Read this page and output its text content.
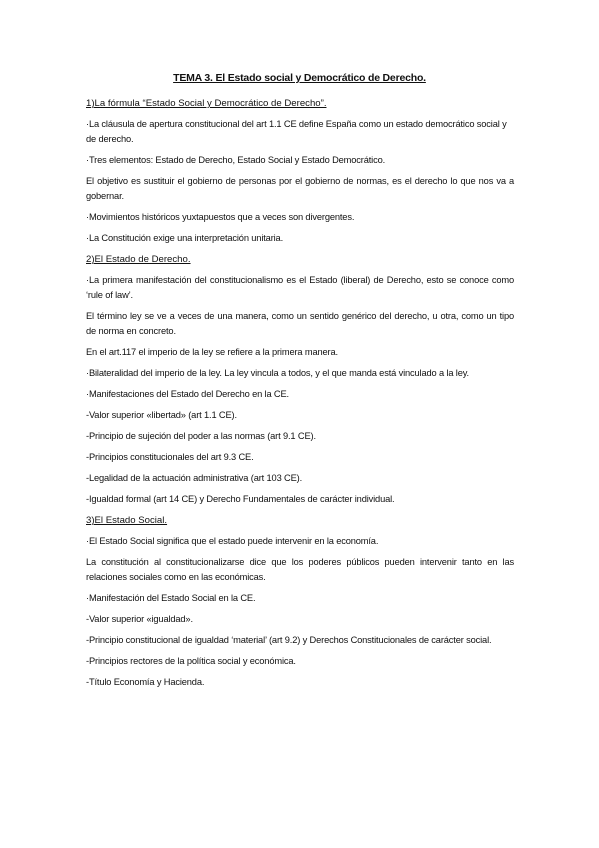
TEMA 3. El Estado social y Democrático de Derecho.
1)La fórmula “Estado Social y Democrático de Derecho”.
·La cláusula de apertura constitucional del art 1.1 CE define España como un estado democrático social y de derecho.
·Tres elementos: Estado de Derecho, Estado Social y Estado Democrático.
El objetivo es sustituir el gobierno de personas por el gobierno de normas, es el derecho lo que nos va a gobernar.
·Movimientos históricos yuxtapuestos que a veces son divergentes.
·La Constitución exige una interpretación unitaria.
2)El Estado de Derecho.
·La primera manifestación del constitucionalismo es el Estado (liberal) de Derecho, esto se conoce como ‘rule of law’.
El término ley se ve a veces de una manera, como un sentido genérico del derecho, u otra, como un tipo de norma en concreto.
En el art.117 el imperio de la ley se refiere a la primera manera.
·Bilateralidad del imperio de la ley. La ley vincula a todos, y el que manda está vinculado a la ley.
·Manifestaciones del Estado del Derecho en la CE.
-Valor superior «libertad» (art 1.1 CE).
-Principio de sujeción del poder a las normas (art 9.1 CE).
-Principios constitucionales del art 9.3 CE.
-Legalidad de la actuación administrativa (art 103 CE).
-Igualdad formal (art 14 CE) y Derecho Fundamentales de carácter individual.
3)El Estado Social.
·El Estado Social significa que el estado puede intervenir en la economía.
La constitución al constitucionalizarse dice que los poderes públicos pueden intervenir tanto en las relaciones sociales como en las económicas.
·Manifestación del Estado Social en la CE.
-Valor superior «igualdad».
-Principio constitucional de igualdad ‘material’ (art 9.2) y Derechos Constitucionales de carácter social.
-Principios rectores de la política social y económica.
-Título Economía y Hacienda.
